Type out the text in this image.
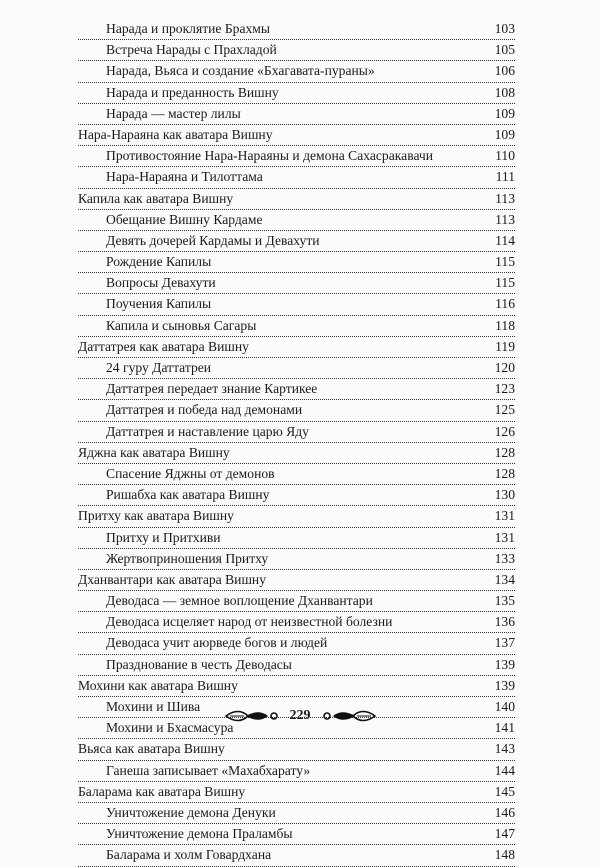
Нарада и проклятие Брахмы	103
Встреча Нарады с Прахладой	105
Нарада, Вьяса и создание «Бхагавата-пураны»	106
Нарада и преданность Вишну	108
Нарада — мастер лилы	109
Нара-Нараяна как аватара Вишну	109
Противостояние Нара-Нараяны и демона Сахасракавачи	110
Нара-Нараяна и Тилоттама	111
Капила как аватара Вишну	113
Обещание Вишну Кардаме	113
Девять дочерей Кардамы и Девахути	114
Рождение Капилы	115
Вопросы Девахути	115
Поучения Капилы	116
Капила и сыновья Сагары	118
Даттатрея как аватара Вишну	119
24 гуру Даттатреи	120
Даттатрея передает знание Картикее	123
Даттатрея и победа над демонами	125
Даттатрея и наставление царю Яду	126
Яджна как аватара Вишну	128
Спасение Яджны от демонов	128
Ришабха как аватара Вишну	130
Притху как аватара Вишну	131
Притху и Притхиви	131
Жертвоприношения Притху	133
Дханвантари как аватара Вишну	134
Деводаса — земное воплощение Дханвантари	135
Деводаса исцеляет народ от неизвестной болезни	136
Деводаса учит аюрведе богов и людей	137
Празднование в честь Деводасы	139
Мохини как аватара Вишну	139
Мохини и Шива	140
Мохини и Бхасмасура	141
Вьяса как аватара Вишну	143
Ганеша записывает «Махабхарату»	144
Баларама как аватара Вишну	145
Уничтожение демона Денуки	146
Уничтожение демона Праламбы	147
Баларама и холм Говардхана	148
229
